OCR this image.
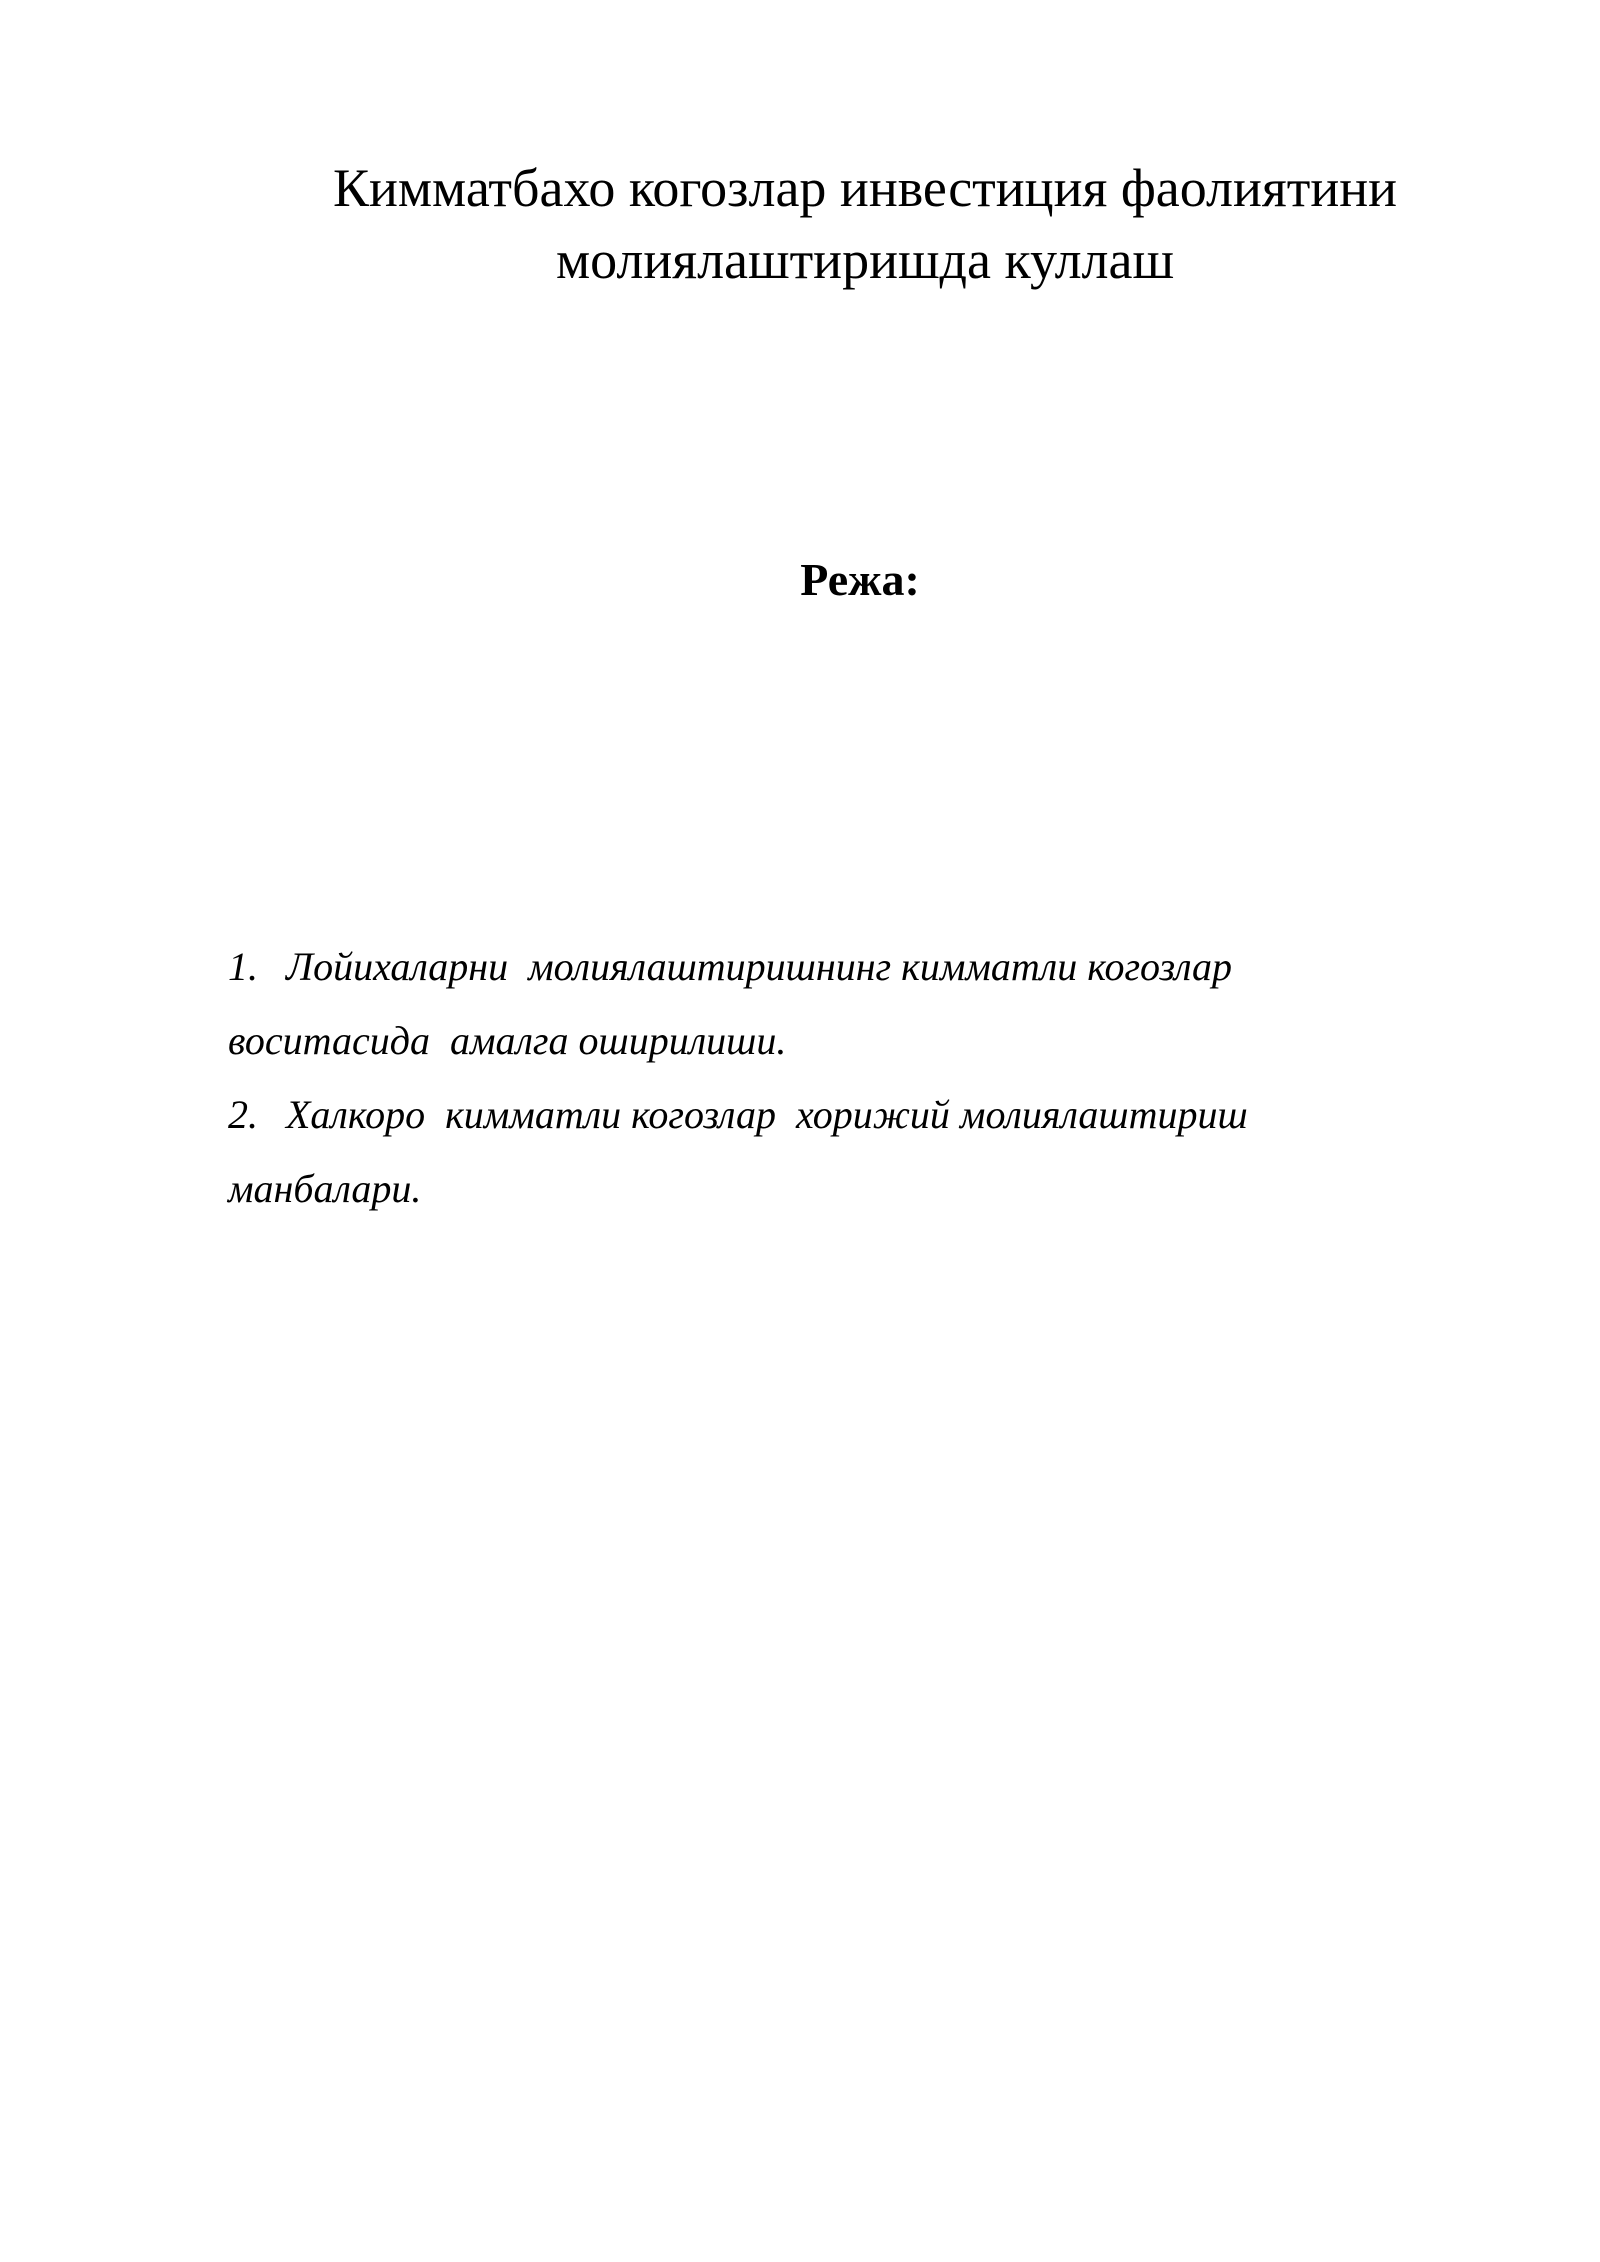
Кимматбахо когозлар инвестиция фаолиятини
молиялаштиришда куллаш
Режа:
1. Лойихаларни  молиялаштиришнинг кимматли когозлар
воситасида  амалга оширилиши.
2. Халкоро  кимматли когозлар  хорижий молиялаштириш
манбалари.
